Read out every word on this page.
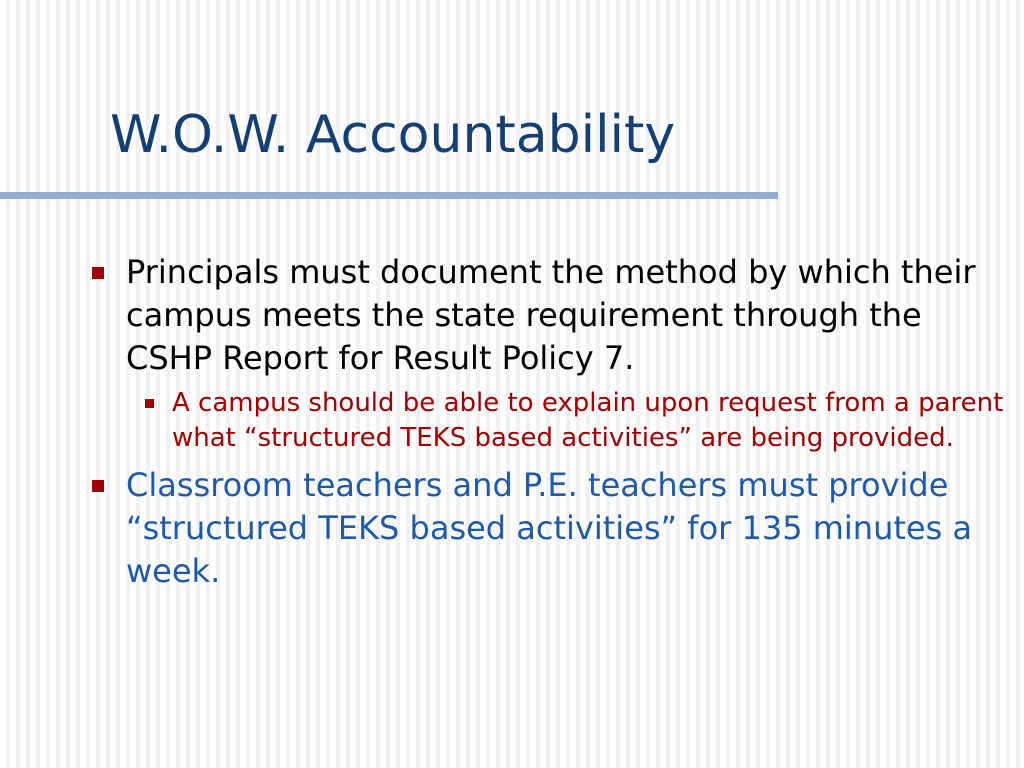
W.O.W. Accountability
Principals must document the method by which their campus meets the state requirement through the CSHP Report for Result Policy 7.
A campus should be able to explain upon request from a parent what “structured TEKS based activities” are being provided.
Classroom teachers and P.E. teachers must provide “structured TEKS based activities” for 135 minutes a week.
